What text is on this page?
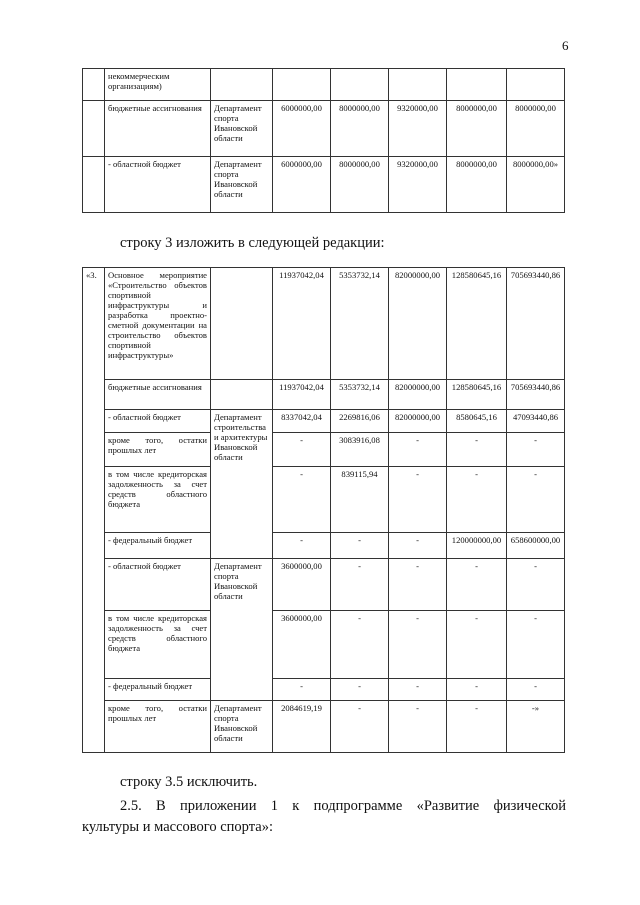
6
	некоммерческим организациям)						
	бюджетные ассигнования	Департамент спорта Ивановской области	6000000,00	8000000,00	9320000,00	8000000,00	8000000,00
	- областной бюджет	Департамент спорта Ивановской области	6000000,00	8000000,00	9320000,00	8000000,00	8000000,00»
строку 3 изложить в следующей редакции:
«3.	Основное мероприятие «Строительство объектов спортивной инфраструктуры и разработка проектно-сметной документации на строительство объектов спортивной инфраструктуры»		11937042,04	5353732,14	82000000,00	128580645,16	705693440,86
	бюджетные ассигнования		11937042,04	5353732,14	82000000,00	128580645,16	705693440,86
	- областной бюджет	Департамент строительства и архитектуры Ивановской области	8337042,04	2269816,06	82000000,00	8580645,16	47093440,86
	кроме того, остатки прошлых лет		-	3083916,08	-	-	-
	в том числе кредиторская задолженность за счет средств областного бюджета		-	839115,94	-	-	-
	- федеральный бюджет		-	-	-	120000000,00	658600000,00
	- областной бюджет	Департамент спорта Ивановской области	3600000,00	-	-	-	-
	в том числе кредиторская задолженность за счет средств областного бюджета		3600000,00	-	-	-	-
	- федеральный бюджет		-	-	-	-	-
	кроме того, остатки прошлых лет	Департамент спорта Ивановской области	2084619,19	-	-	-	-»
строку 3.5 исключить.
2.5. В приложении 1 к подпрограмме «Развитие физической
культуры и массового спорта»:
